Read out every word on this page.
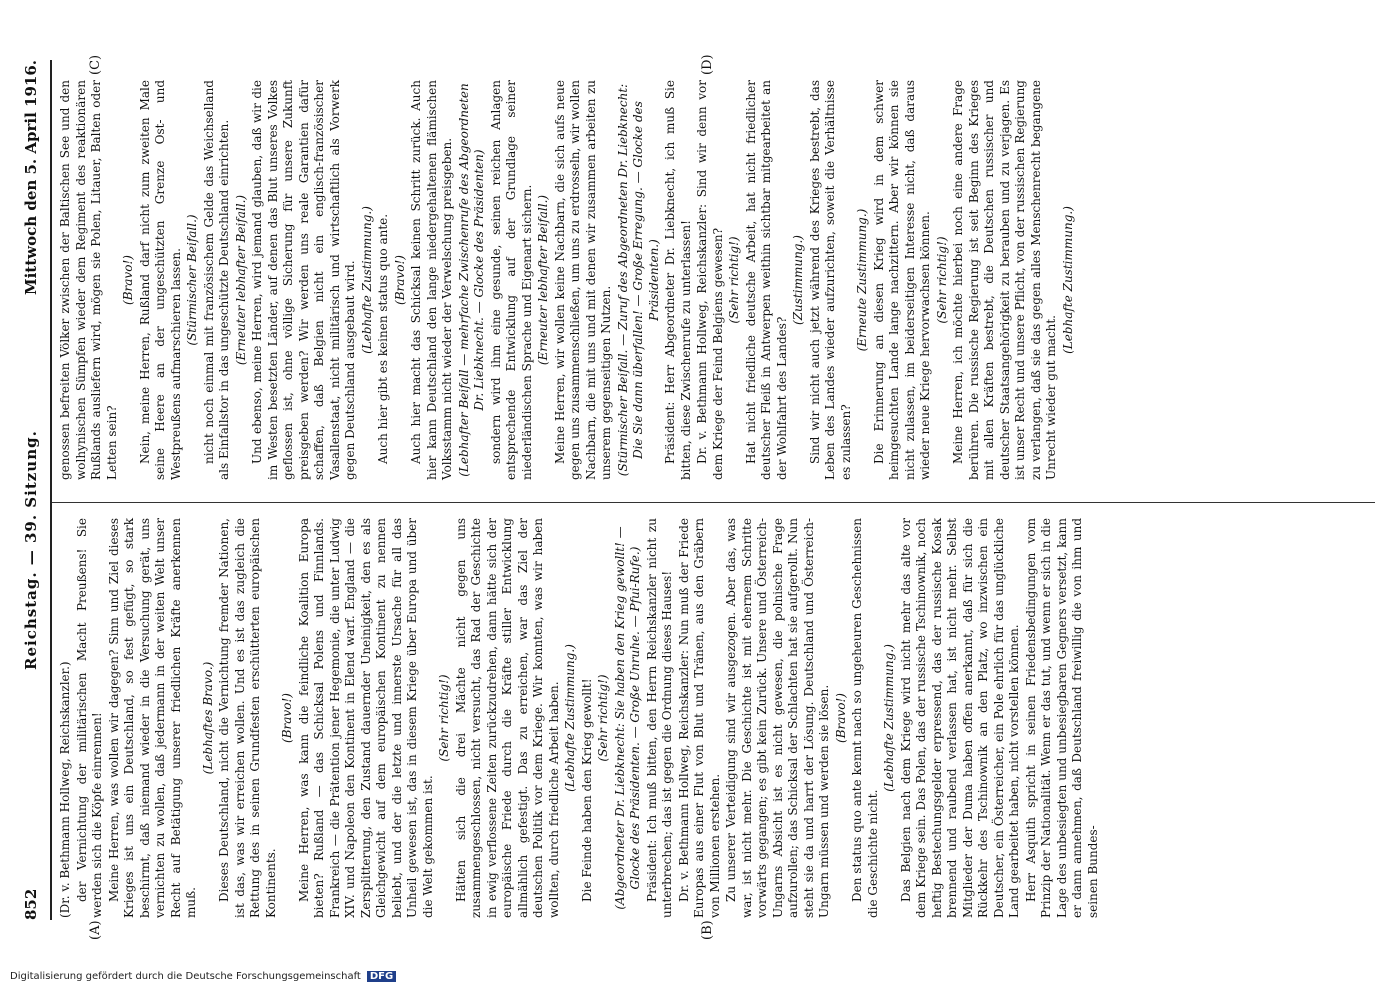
852
Reichstag. — 39. Sitzung.
Mittwoch den 5. April 1916.
(A)	(B)
(C)	(D)

(Dr. v. Bethmann Hollweg, Reichskanzler.) der Vernichtung der militärischen Macht Preußens! Sie werden sich die Köpfe einrennen! Meine Herren, was wollen wir dagegen? Sinn und Ziel dieses Krieges ist uns ein Deutschland, so fest gefügt, so stark beschirmt, daß niemand wieder in die Versuchung gerät, uns vernichten zu wollen, daß jedermann in der weiten Welt unser Recht auf Betätigung unserer friedlichen Kräfte anerkennen muß.

(Lebhaftes Bravo.) Dieses Deutschland, nicht die Vernichtung fremder Nationen, ist das, was wir erreichen wollen. Und es ist das zugleich die Rettung des in seinen Grundfesten erschütterten europäischen Kontinents.

(Bravo!) Meine Herren, was kann die feindliche Koalition Europa bieten? Rußland — das Schicksal Polens und Finnlands. Frankreich — die Prätention jener Hegemonie, die unter Ludwig XIV. und Napoleon den Kontinent in Elend warf. England — die Zersplitterung, den Zustand dauernder Uneinigkeit, den es als Gleichgewicht auf dem europäischen Kontinent zu nennen beliebt, und der die letzte und innerste Ursache für all das Unheil gewesen ist, das in diesem Kriege über Europa und über die Welt gekommen ist.

(Sehr richtig!) Hätten sich die drei Mächte nicht gegen uns zusammengeschlossen, nicht versucht, das Rad der Geschichte in ewig verflossene Zeiten zurückzudrehen, dann hätte sich der europäische Friede durch die Kräfte stiller Entwicklung allmählich gefestigt. Das zu erreichen, war das Ziel der deutschen Politik vor dem Kriege. Wir konnten, was wir haben wollten, durch friedliche Arbeit haben. (Lebhafte Zustimmung.) Die Feinde haben den Krieg gewollt! (Sehr richtig!) (Abgeordneter Dr. Liebknecht: Sie haben den Krieg gewollt! — Glocke des Präsidenten. — Große Unruhe. — Pfui-Rufe.) Präsident: Ich muß bitten, den Herrn Reichskanzler nicht zu unterbrechen; das ist gegen die Ordnung dieses Hauses! Dr. v. Bethmann Hollweg, Reichskanzler: Nun muß der Friede Europas aus einer Flut von Blut und Tränen, aus den Gräbern von Millionen erstehen. Zu unserer Verteidigung sind wir ausgezogen. Aber das, was war, ist nicht mehr. Die Geschichte ist mit ehernem Schritte vorwärts gegangen; es gibt kein Zurück. Unsere und Österreich-Ungarns Absicht ist es nicht gewesen, die polnische Frage aufzurollen; das Schicksal der Schlachten hat sie aufgerollt. Nun steht sie da und harrt der Lösung. Deutschland und Österreich-Ungarn müssen und werden sie lösen. (Bravo!) Den status quo ante kennt nach so ungeheuren Geschehnissen die Geschichte nicht.

(Lebhafte Zustimmung.) Das Belgien nach dem Kriege wird nicht mehr das alte vor dem Kriege sein. Das Polen, das der russische Tschinownik, noch heftig Bestechungsgelder erpressend, das der russische Kosak brennend und raubend verlassen hat, ist nicht mehr. Selbst Mitglieder der Duma haben offen anerkannt, daß für sich die Rückkehr des Tschinownik an den Platz, wo inzwischen ein Deutscher, ein Österreicher, ein Pole ehrlich für das unglückliche Land gearbeitet haben, nicht vorstellen können. Herr Asquith spricht in seinen Friedensbedingungen vom Prinzip der Nationalität. Wenn er das tut, und wenn er sich in die Lage des unbesiegten und unbesiegbaren Gegners versetzt, kann er dann annehmen, daß Deutschland freiwillig die von ihm und seinen Bundes-

genossen befreiten Völker zwischen der Baltischen See und den wolhynischen Sümpfen wieder dem Regiment des reaktionären Rußlands ausliefern wird, mögen sie Polen, Litauer, Balten oder Letten sein?

(Bravo!) Nein, meine Herren, Rußland darf nicht zum zweiten Male seine Heere an der ungeschützten Grenze Ost- und Westpreußens aufmarschieren lassen. (Stürmischer Beifall.) nicht noch einmal mit französischem Gelde das Weichselland als Einfallstor in das ungeschützte Deutschland einrichten. (Erneuter lebhafter Beifall.) Und ebenso, meine Herren, wird jemand glauben, daß wir die im Westen besetzten Länder, auf denen das Blut unseres Volkes geflossen ist, ohne völlige Sicherung für unsere Zukunft preisgeben werden? Wir werden uns reale Garantien dafür schaffen, daß Belgien nicht ein englisch-französischer Vasallenstaat, nicht militärisch und wirtschaftlich als Vorwerk gegen Deutschland ausgebaut wird. (Lebhafte Zustimmung.) Auch hier gibt es keinen status quo ante. (Bravo!) Auch hier macht das Schicksal keinen Schritt zurück. Auch hier kann Deutschland den lange niedergehaltenen flämischen Volksstamm nicht wieder der Verwelschung preisgeben. (Lebhafter Beifall — mehrfache Zwischenrufe des Abgeordneten Dr. Liebknecht. — Glocke des Präsidenten) sondern wird ihm eine gesunde, seinen reichen Anlagen entsprechende Entwicklung auf der Grundlage seiner niederländischen Sprache und Eigenart sichern. (Erneuter lebhafter Beifall.) Meine Herren, wir wollen keine Nachbarn, die sich aufs neue gegen uns zusammenschließen, um uns zu erdrosseln, wir wollen Nachbarn, die mit uns und mit denen wir zusammen arbeiten zu unserem gegenseitigen Nutzen. (Stürmischer Beifall. — Zuruf des Abgeordneten Dr. Liebknecht: Die Sie dann überfallen! — Große Erregung. — Glocke des Präsidenten.) Präsident: Herr Abgeordneter Dr. Liebknecht, ich muß Sie bitten, diese Zwischenrufe zu unterlassen! Dr. v. Bethmann Hollweg, Reichskanzler: Sind wir denn vor dem Kriege der Feind Belgiens gewesen? (Sehr richtig!) Hat nicht friedliche deutsche Arbeit, hat nicht friedlicher deutscher Fleiß in Antwerpen weithin sichtbar mitgearbeitet an der Wohlfahrt des Landes?

(Zustimmung.) Sind wir nicht auch jetzt während des Krieges bestrebt, das Leben des Landes wieder aufzurichten, soweit die Verhältnisse es zulassen?

(Erneute Zustimmung.) Die Erinnerung an diesen Krieg wird in dem schwer heimgesuchten Lande lange nachzittern. Aber wir können sie nicht zulassen, im beiderseitigen Interesse nicht, daß daraus wieder neue Kriege hervorwachsen können. (Sehr richtig!) Meine Herren, ich möchte hierbei noch eine andere Frage berühren. Die russische Regierung ist seit Beginn des Krieges mit allen Kräften bestrebt, die Deutschen russischer und deutscher Staatsangehörigkeit zu berauben und zu verjagen. Es ist unser Recht und unsere Pflicht, von der russischen Regierung zu verlangen, daß sie das gegen alles Menschenrecht begangene Unrecht wieder gut macht.

(Lebhafte Zustimmung.)

Digitalisierung gefördert durch die Deutsche Forschungsgemeinschaft DFG
